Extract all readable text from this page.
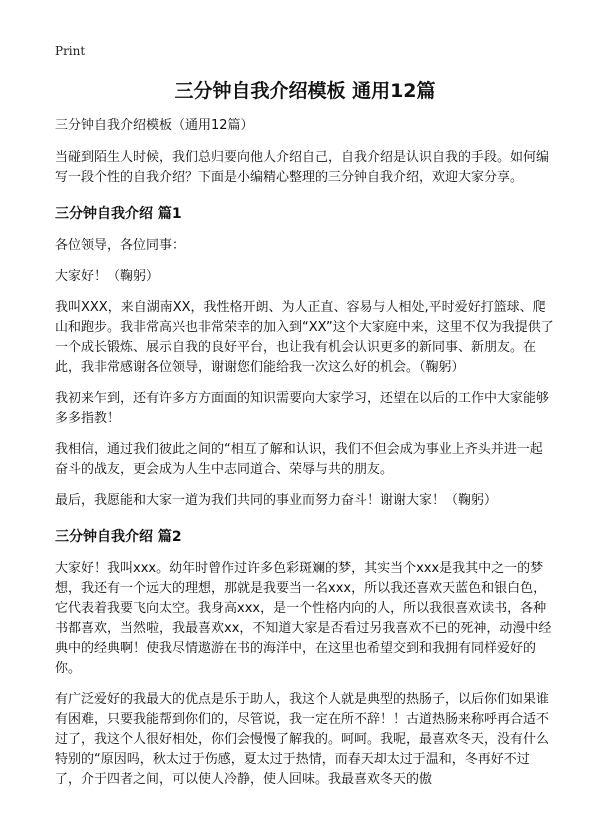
Print
三分钟自我介绍模板 通用12篇
三分钟自我介绍模板（通用12篇）

当碰到陌生人时候，我们总归要向他人介绍自己，自我介绍是认识自我的手段。如何编写一段个性的自我介绍？下面是小编精心整理的三分钟自我介绍，欢迎大家分享。

三分钟自我介绍 篇1

各位领导，各位同事：

大家好！（鞠躬）

我叫XXX，来自湖南XX，我性格开朗、为人正直、容易与人相处,平时爱好打篮球、爬山和跑步。我非常高兴也非常荣幸的加入到“XX”这个大家庭中来，这里不仅为我提供了一个成长锻炼、展示自我的良好平台，也让我有机会认识更多的新同事、新朋友。在此，我非常感谢各位领导，谢谢您们能给我一次这么好的机会。（鞠躬）

我初来乍到，还有许多方方面面的知识需要向大家学习，还望在以后的工作中大家能够多多指教！

我相信，通过我们彼此之间的“相互了解和认识，我们不但会成为事业上齐头并进一起奋斗的战友，更会成为人生中志同道合、荣辱与共的朋友。

最后，我愿能和大家一道为我们共同的事业而努力奋斗！谢谢大家！（鞠躬）

三分钟自我介绍 篇2

大家好！我叫xxx。幼年时曾作过许多色彩斑斓的梦，其实当个xxx是我其中之一的梦想，我还有一个远大的理想，那就是我要当一名xxx，所以我还喜欢天蓝色和银白色，它代表着我要飞向太空。我身高xxx，是一个性格内向的人，所以我很喜欢读书，各种书都喜欢，当然啦，我最喜欢xx，不知道大家是否看过另我喜欢不已的死神，动漫中经典中的经典啊！使我尽情遨游在书的海洋中，在这里也希望交到和我拥有同样爱好的你。

有广泛爱好的我最大的优点是乐于助人，我这个人就是典型的热肠子，以后你们如果谁有困难，只要我能帮到你们的，尽管说，我一定在所不辞！！古道热肠来称呼再合适不过了，我这个人很好相处，你们会慢慢了解我的。呵呵。我呢，最喜欢冬天，没有什么特别的“原因吗，秋太过于伤感，夏太过于热情，而春天却太过于温和，冬再好不过了，介于四者之间，可以使人冷静，使人回味。我最喜欢冬天的傲
